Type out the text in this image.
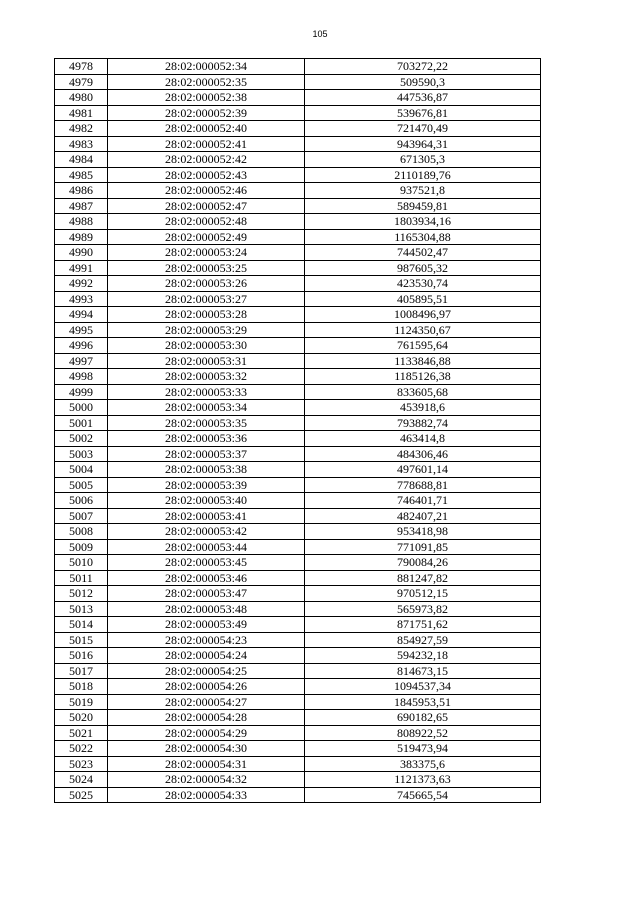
105
4978	28:02:000052:34	703272,22
4979	28:02:000052:35	509590,3
4980	28:02:000052:38	447536,87
4981	28:02:000052:39	539676,81
4982	28:02:000052:40	721470,49
4983	28:02:000052:41	943964,31
4984	28:02:000052:42	671305,3
4985	28:02:000052:43	2110189,76
4986	28:02:000052:46	937521,8
4987	28:02:000052:47	589459,81
4988	28:02:000052:48	1803934,16
4989	28:02:000052:49	1165304,88
4990	28:02:000053:24	744502,47
4991	28:02:000053:25	987605,32
4992	28:02:000053:26	423530,74
4993	28:02:000053:27	405895,51
4994	28:02:000053:28	1008496,97
4995	28:02:000053:29	1124350,67
4996	28:02:000053:30	761595,64
4997	28:02:000053:31	1133846,88
4998	28:02:000053:32	1185126,38
4999	28:02:000053:33	833605,68
5000	28:02:000053:34	453918,6
5001	28:02:000053:35	793882,74
5002	28:02:000053:36	463414,8
5003	28:02:000053:37	484306,46
5004	28:02:000053:38	497601,14
5005	28:02:000053:39	778688,81
5006	28:02:000053:40	746401,71
5007	28:02:000053:41	482407,21
5008	28:02:000053:42	953418,98
5009	28:02:000053:44	771091,85
5010	28:02:000053:45	790084,26
5011	28:02:000053:46	881247,82
5012	28:02:000053:47	970512,15
5013	28:02:000053:48	565973,82
5014	28:02:000053:49	871751,62
5015	28:02:000054:23	854927,59
5016	28:02:000054:24	594232,18
5017	28:02:000054:25	814673,15
5018	28:02:000054:26	1094537,34
5019	28:02:000054:27	1845953,51
5020	28:02:000054:28	690182,65
5021	28:02:000054:29	808922,52
5022	28:02:000054:30	519473,94
5023	28:02:000054:31	383375,6
5024	28:02:000054:32	1121373,63
5025	28:02:000054:33	745665,54
